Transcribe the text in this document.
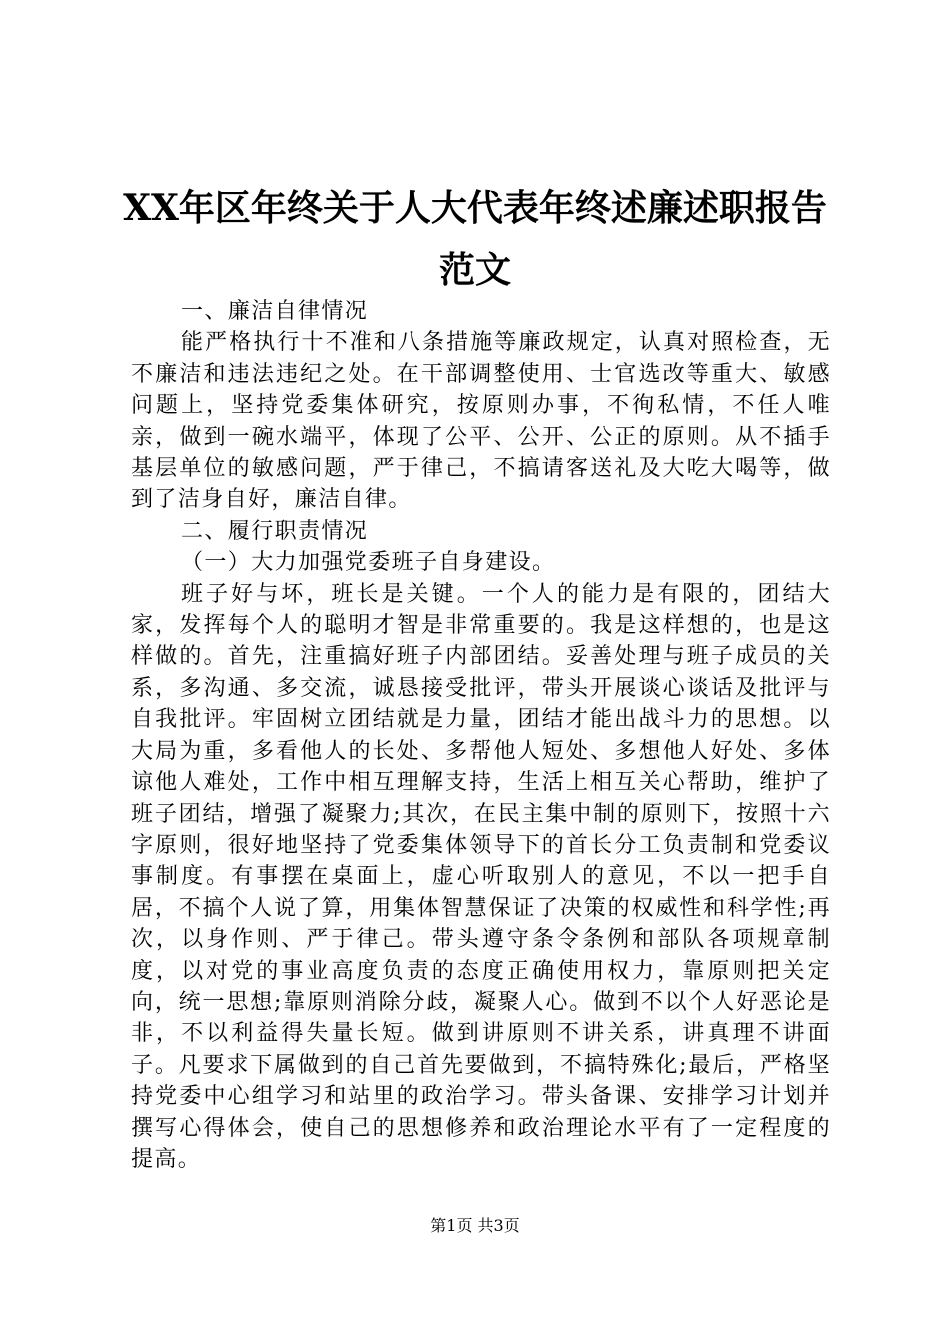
XX年区年终关于人大代表年终述廉述职报告
范文

一、廉洁自律情况

能严格执行十不准和八条措施等廉政规定，认真对照检查，无不廉洁和违法违纪之处。在干部调整使用、士官选改等重大、敏感问题上，坚持党委集体研究，按原则办事，不徇私情，不任人唯亲，做到一碗水端平，体现了公平、公开、公正的原则。从不插手基层单位的敏感问题，严于律己，不搞请客送礼及大吃大喝等，做到了洁身自好，廉洁自律。

二、履行职责情况

（一）大力加强党委班子自身建设。

班子好与坏，班长是关键。一个人的能力是有限的，团结大家，发挥每个人的聪明才智是非常重要的。我是这样想的，也是这样做的。首先，注重搞好班子内部团结。妥善处理与班子成员的关系，多沟通、多交流，诚恳接受批评，带头开展谈心谈话及批评与自我批评。牢固树立团结就是力量，团结才能出战斗力的思想。以大局为重，多看他人的长处、多帮他人短处、多想他人好处、多体谅他人难处，工作中相互理解支持，生活上相互关心帮助，维护了班子团结，增强了凝聚力;其次，在民主集中制的原则下，按照十六字原则，很好地坚持了党委集体领导下的首长分工负责制和党委议事制度。有事摆在桌面上，虚心听取别人的意见，不以一把手自居，不搞个人说了算，用集体智慧保证了决策的权威性和科学性;再次，以身作则、严于律己。带头遵守条令条例和部队各项规章制度，以对党的事业高度负责的态度正确使用权力，靠原则把关定向，统一思想;靠原则消除分歧，凝聚人心。做到不以个人好恶论是非，不以利益得失量长短。做到讲原则不讲关系，讲真理不讲面子。凡要求下属做到的自己首先要做到，不搞特殊化;最后，严格坚持党委中心组学习和站里的政治学习。带头备课、安排学习计划并撰写心得体会，使自己的思想修养和政治理论水平有了一定程度的提高。

第1页 共3页
